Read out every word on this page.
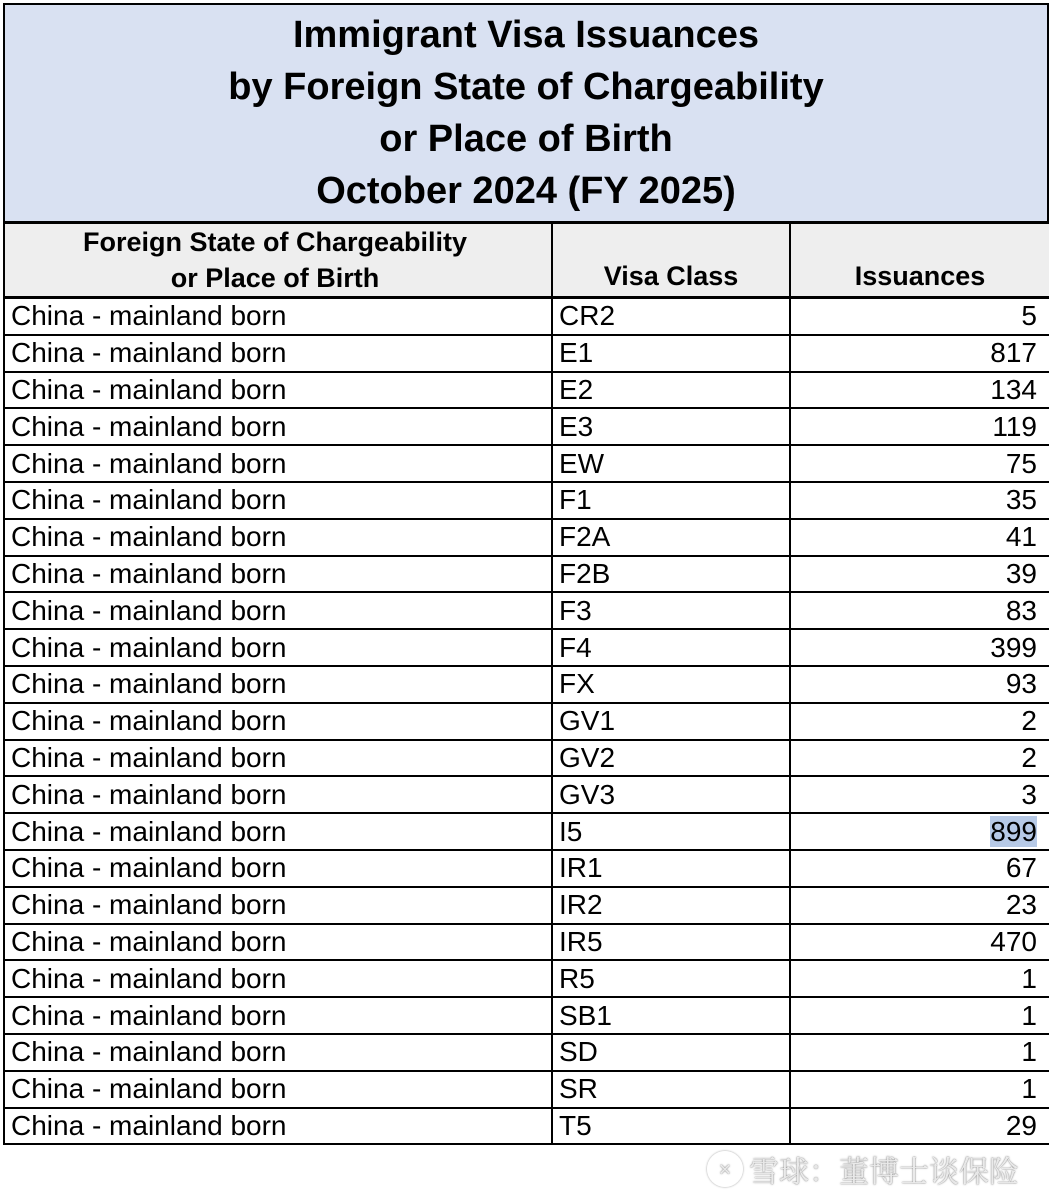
Immigrant Visa Issuances
by Foreign State of Chargeability
or Place of Birth
October 2024 (FY 2025)
Foreign State of Chargeability
or Place of Birth	Visa Class	Issuances

China - mainland born	CR2	5
China - mainland born	E1	817
China - mainland born	E2	134
China - mainland born	E3	119
China - mainland born	EW	75
China - mainland born	F1	35
China - mainland born	F2A	41
China - mainland born	F2B	39
China - mainland born	F3	83
China - mainland born	F4	399
China - mainland born	FX	93
China - mainland born	GV1	2
China - mainland born	GV2	2
China - mainland born	GV3	3
China - mainland born	I5	899
China - mainland born	IR1	67
China - mainland born	IR2	23
China - mainland born	IR5	470
China - mainland born	R5	1
China - mainland born	SB1	1
China - mainland born	SD	1
China - mainland born	SR	1
China - mainland born	T5	29
✕ 雪球：董博士谈保险
